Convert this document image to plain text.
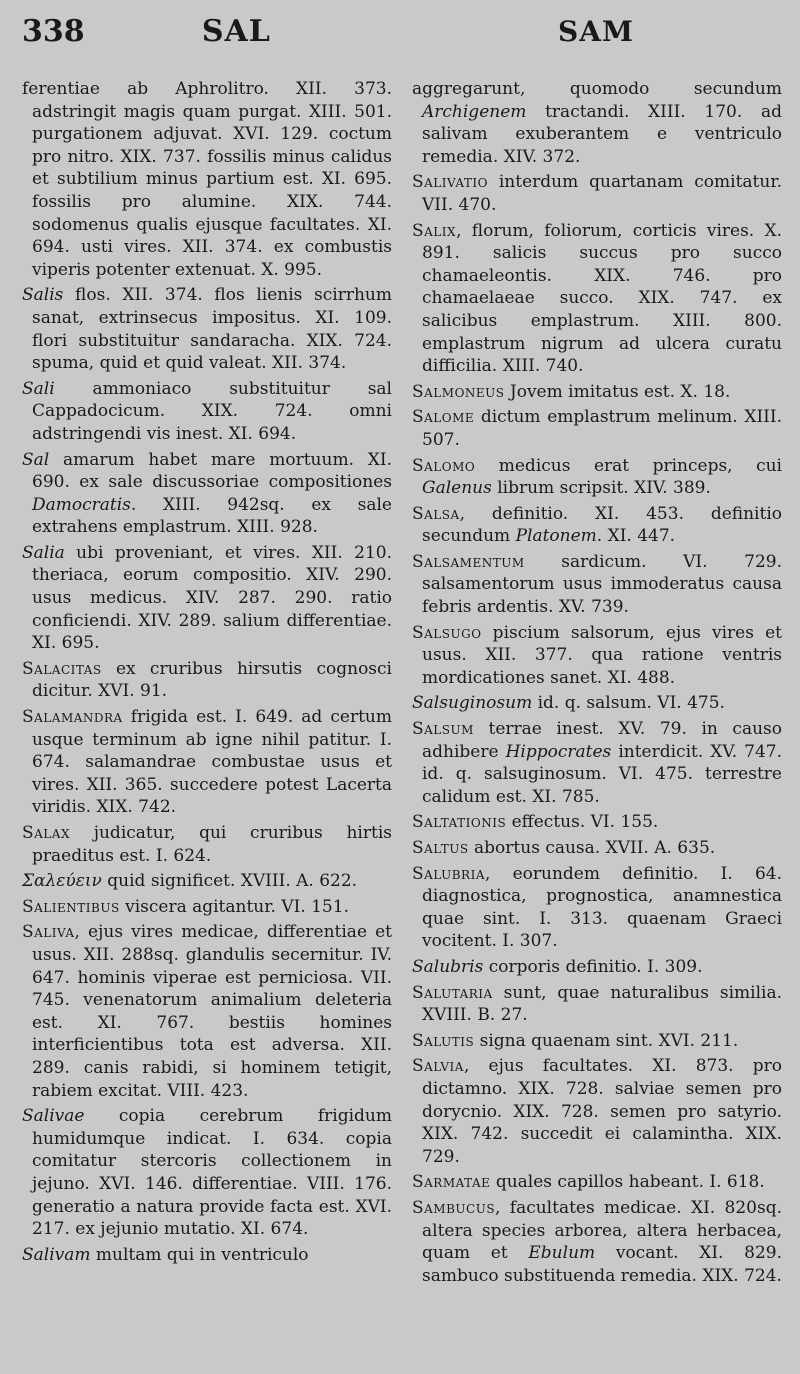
338	SAL	SAM

ferentiae ab Aphrolitro. XII. 373. adstringit magis quam purgat. XIII. 501. purgationem adjuvat. XVI. 129. coctum pro nitro. XIX. 737. fossilis minus calidus et subtilium minus partium est. XI. 695. fossilis pro alumine. XIX. 744. sodomenus qualis ejusque facultates. XI. 694. usti vires. XII. 374. ex combustis viperis potenter extenuat. X. 995.

Salis flos. XII. 374. flos lienis scirrhum sanat, extrinsecus impositus. XI. 109. flori substituitur sandaracha. XIX. 724. spuma, quid et quid valeat. XII. 374.

Sali ammoniaco substituitur sal Cappadocicum. XIX. 724. omni adstringendi vis inest. XI. 694.

Sal amarum habet mare mortuum. XI. 690. ex sale discussoriae compositiones Damocratis. XIII. 942sq. ex sale extrahens emplastrum. XIII. 928.

Salia ubi proveniant, et vires. XII. 210. theriaca, eorum compositio. XIV. 290. usus medicus. XIV. 287. 290. ratio conficiendi. XIV. 289. salium differentiae. XI. 695.

Salacitas ex cruribus hirsutis cognosci dicitur. XVI. 91.

Salamandra frigida est. I. 649. ad certum usque terminum ab igne nihil patitur. I. 674. salamandrae combustae usus et vires. XII. 365. succedere potest Lacerta viridis. XIX. 742.

Salax judicatur, qui cruribus hirtis praeditus est. I. 624.

Σαλεύειν quid significet. XVIII. A. 622.

Salientibus viscera agitantur. VI. 151.

Saliva, ejus vires medicae, differentiae et usus. XII. 288sq. glandulis secernitur. IV. 647. hominis viperae est perniciosa. VII. 745. venenatorum animalium deleteria est. XI. 767. bestiis homines interficientibus tota est adversa. XII. 289. canis rabidi, si hominem tetigit, rabiem excitat. VIII. 423.

Salivae copia cerebrum frigidum humidumque indicat. I. 634. copia comitatur stercoris collectionem in jejuno. XVI. 146. differentiae. VIII. 176. generatio a natura provide facta est. XVI. 217. ex jejunio mutatio. XI. 674.

Salivam multam qui in ventriculo

aggregarunt, quomodo secundum Archigenem tractandi. XIII. 170. ad salivam exuberantem e ventriculo remedia. XIV. 372.

Salivatio interdum quartanam comitatur. VII. 470.

Salix, florum, foliorum, corticis vires. X. 891. salicis succus pro succo chamaeleontis. XIX. 746. pro chamaelaeae succo. XIX. 747. ex salicibus emplastrum. XIII. 800. emplastrum nigrum ad ulcera curatu difficilia. XIII. 740.

Salmoneus Jovem imitatus est. X. 18.

Salome dictum emplastrum melinum. XIII. 507.

Salomo medicus erat princeps, cui Galenus librum scripsit. XIV. 389.

Salsa, definitio. XI. 453. definitio secundum Platonem. XI. 447.

Salsamentum sardicum. VI. 729. salsamentorum usus immoderatus causa febris ardentis. XV. 739.

Salsugo piscium salsorum, ejus vires et usus. XII. 377. qua ratione ventris mordicationes sanet. XI. 488.

Salsuginosum id. q. salsum. VI. 475.

Salsum terrae inest. XV. 79. in causo adhibere Hippocrates interdicit. XV. 747. id. q. salsuginosum. VI. 475. terrestre calidum est. XI. 785.

Saltationis effectus. VI. 155.

Saltus abortus causa. XVII. A. 635.

Salubria, eorundem definitio. I. 64. diagnostica, prognostica, anamnestica quae sint. I. 313. quaenam Graeci vocitent. I. 307.

Salubris corporis definitio. I. 309.

Salutaria sunt, quae naturalibus similia. XVIII. B. 27.

Salutis signa quaenam sint. XVI. 211.

Salvia, ejus facultates. XI. 873. pro dictamno. XIX. 728. salviae semen pro dorycnio. XIX. 728. semen pro satyrio. XIX. 742. succedit ei calamintha. XIX. 729.

Sarmatae quales capillos habeant. I. 618.

Sambucus, facultates medicae. XI. 820sq. altera species arborea, altera herbacea, quam et Ebulum vocant. XI. 829. sambuco substituenda remedia. XIX. 724.
